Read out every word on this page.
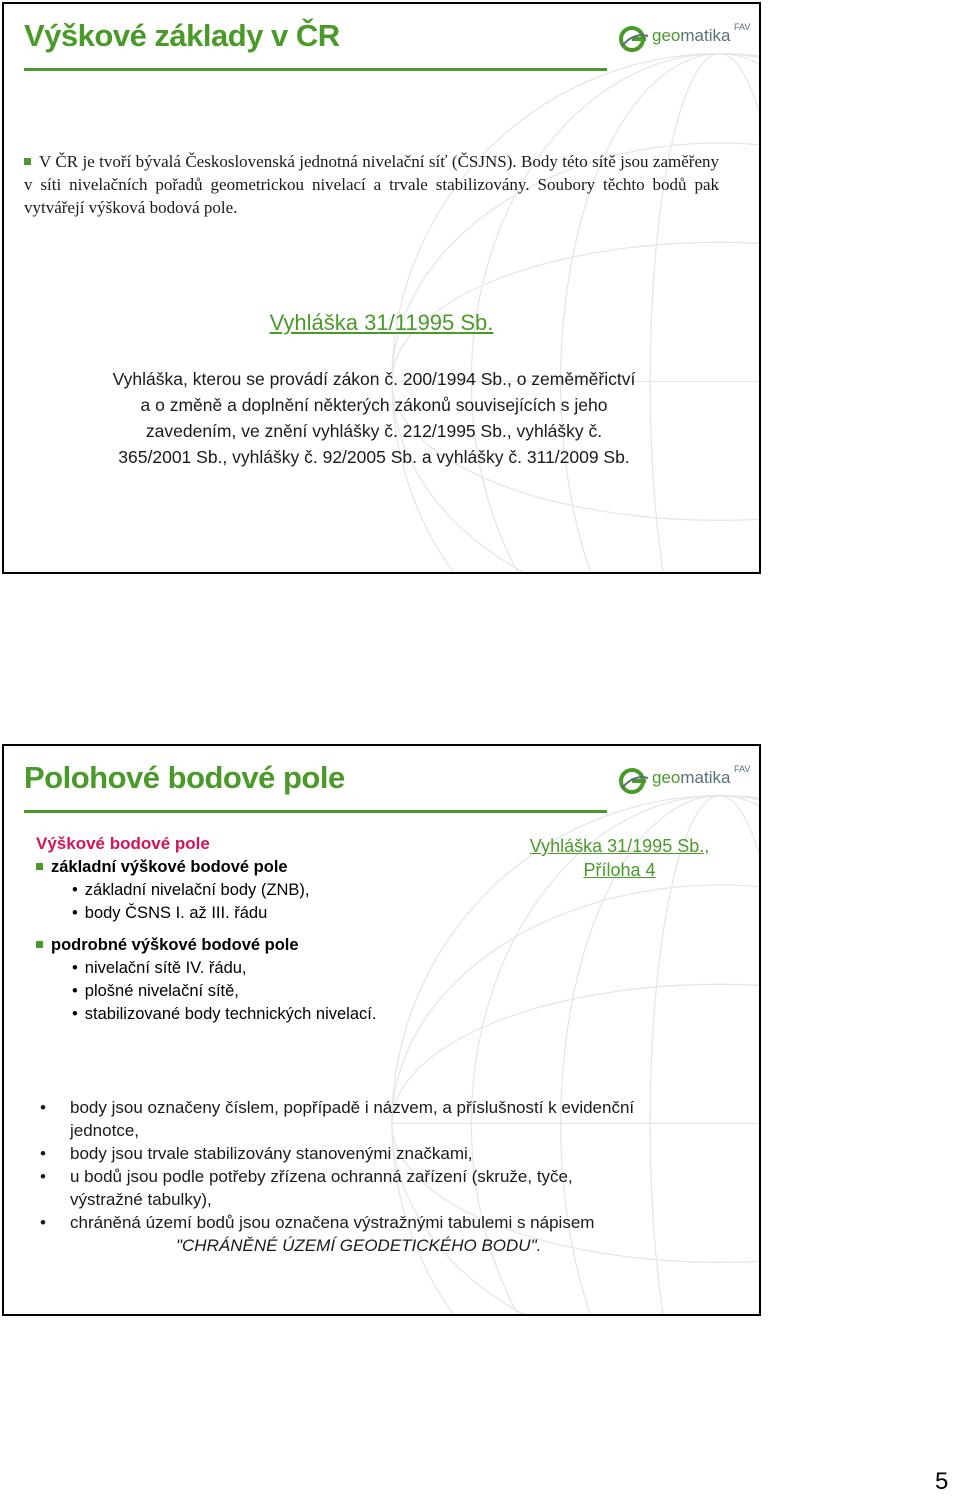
Výškové základy v ČR	geomatika FAV
V ČR je tvoří bývalá Československá jednotná nivelační síť (ČSJNS). Body této sítě jsou zaměřeny v síti nivelačních pořadů geometrickou nivelací a trvale stabilizovány. Soubory těchto bodů pak vytvářejí výšková bodová pole.
Vyhláška 31/11995 Sb.
Vyhláška, kterou se provádí zákon č. 200/1994 Sb., o zeměměřictví
a o změně a doplnění některých zákonů souvisejících s jeho
zavedením, ve znění vyhlášky č. 212/1995 Sb., vyhlášky č.
365/2001 Sb., vyhlášky č. 92/2005 Sb. a vyhlášky č. 311/2009 Sb.
Polohové bodové pole	geomatika FAV
Výškové bodové pole
základní výškové bodové pole
• základní nivelační body (ZNB),
• body ČSNS I. až III. řádu
podrobné výškové bodové pole
• nivelační sítě IV. řádu,
• plošné nivelační sítě,
• stabilizované body technických nivelací.
Vyhláška 31/1995 Sb.,
Příloha 4
• body jsou označeny číslem, popřípadě i názvem, a příslušností k evidenční
jednotce,
• body jsou trvale stabilizovány stanovenými značkami,
• u bodů jsou podle potřeby zřízena ochranná zařízení (skruže, tyče,
výstražné tabulky),
• chráněná území bodů jsou označena výstražnými tabulemi s nápisem
"CHRÁNĚNÉ ÚZEMÍ GEODETICKÉHO BODU".
5
